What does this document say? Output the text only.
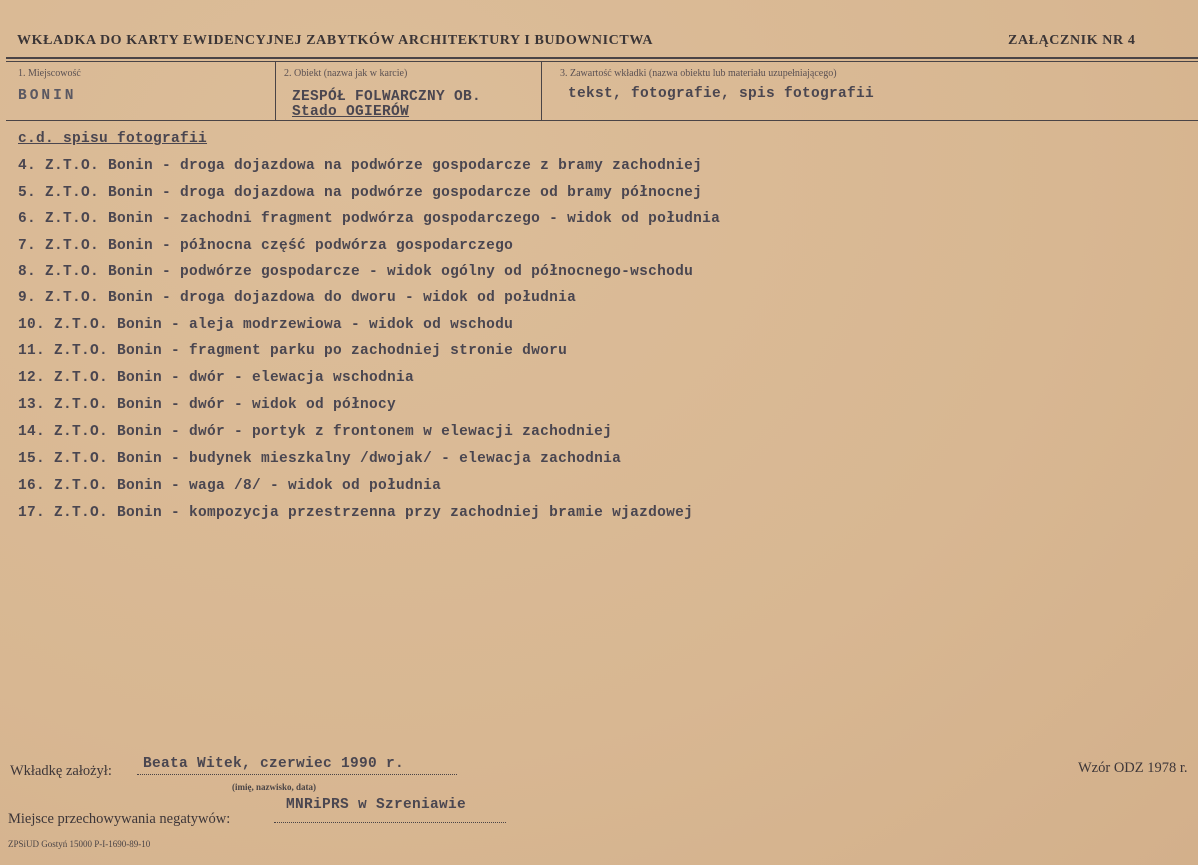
WKŁADKA DO KARTY EWIDENCYJNEJ ZABYTKÓW ARCHITEKTURY I BUDOWNICTWA	ZAŁĄCZNIK NR 4
1. Miejscowość
BONIN
2. Obiekt (nazwa jak w karcie)
ZESPÓŁ FOLWARCZNY OB.
Stado OGIERÓW
3. Zawartość wkładki (nazwa obiektu lub materiału uzupełniającego)
tekst, fotografie, spis fotografii
c.d. spisu fotografii
4. Z.T.O. Bonin - droga dojazdowa na podwórze gospodarcze z bramy zachodniej
5. Z.T.O. Bonin - droga dojazdowa na podwórze gospodarcze od bramy północnej
6. Z.T.O. Bonin - zachodni fragment podwórza gospodarczego - widok od południa
7. Z.T.O. Bonin - północna część podwórza gospodarczego
8. Z.T.O. Bonin - podwórze gospodarcze - widok ogólny od północnego-wschodu
9. Z.T.O. Bonin - droga dojazdowa do dworu - widok od południa
10. Z.T.O. Bonin - aleja modrzewiowa - widok od wschodu
11. Z.T.O. Bonin - fragment parku po zachodniej stronie dworu
12. Z.T.O. Bonin - dwór - elewacja wschodnia
13. Z.T.O. Bonin - dwór - widok od północy
14. Z.T.O. Bonin - dwór - portyk z frontonem w elewacji zachodniej
15. Z.T.O. Bonin - budynek mieszkalny /dwojak/ - elewacja zachodnia
16. Z.T.O. Bonin - waga /8/ - widok od południa
17. Z.T.O. Bonin - kompozycja przestrzenna przy zachodniej bramie wjazdowej
Wkładkę założył: Beata Witek, czerwiec 1990 r.
(imię, nazwisko, data)
Wzór ODZ 1978 r.
Miejsce przechowywania negatywów:
MNRiPRS w Szreniawie
ZPSiUD Gostyń 15000 P-I-1690-89-10
